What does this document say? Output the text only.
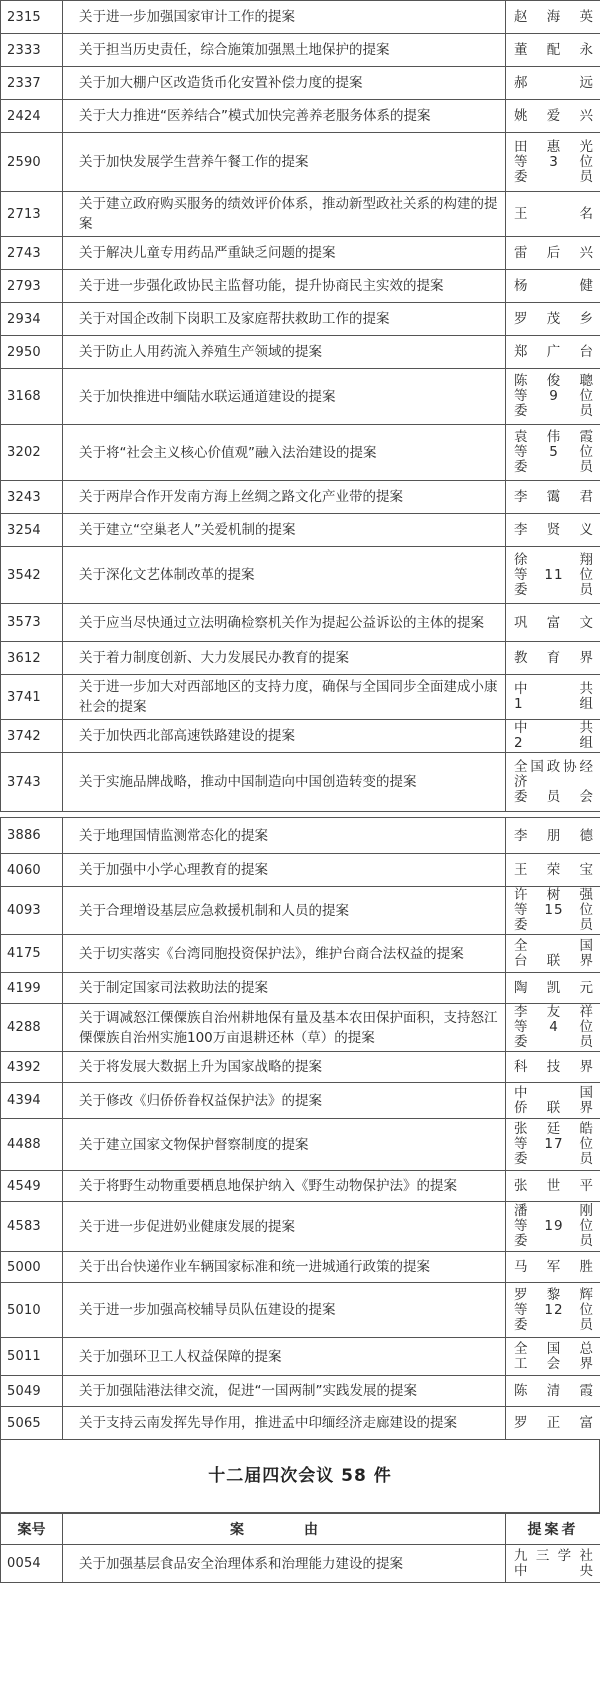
2315	关于进一步加强国家审计工作的提案	赵海英

2333	关于担当历史责任，综合施策加强黑土地保护的提案	董配永

2337	关于加大棚户区改造货币化安置补偿力度的提案	郝远

2424	关于大力推进“医养结合”模式加快完善养老服务体系的提案	姚爱兴

2590	关于加快发展学生营养午餐工作的提案	田惠光
等3位
委员

2713	关于建立政府购买服务的绩效评价体系，推动新型政社关系的构建的提案	王名

2743	关于解决儿童专用药品严重缺乏问题的提案	雷后兴

2793	关于进一步强化政协民主监督功能，提升协商民主实效的提案	杨健

2934	关于对国企改制下岗职工及家庭帮扶救助工作的提案	罗茂乡

2950	关于防止人用药流入养殖生产领域的提案	郑广台

3168	关于加快推进中缅陆水联运通道建设的提案	陈俊聰
等9位
委员

3202	关于将“社会主义核心价值观”融入法治建设的提案	袁伟霞
等5位
委员

3243	关于两岸合作开发南方海上丝绸之路文化产业带的提案	李霭君

3254	关于建立“空巢老人”关爱机制的提案	李贤义

3542	关于深化文艺体制改革的提案	徐翔
等11位
委员

3573	关于应当尽快通过立法明确检察机关作为提起公益诉讼的主体的提案	巩富文

3612	关于着力制度创新、大力发展民办教育的提案	教育界

3741	关于进一步加大对西部地区的支持力度，确保与全国同步全面建成小康社会的提案	中共
1组

3742	关于加快西北部高速铁路建设的提案	中共
2组

3743	关于实施品牌战略，推动中国制造向中国创造转变的提案	全国政协经济
委员会
3886	关于地理国情监测常态化的提案	李朋德

4060	关于加强中小学心理教育的提案	王荣宝

4093	关于合理增设基层应急救援机制和人员的提案	许树强
等15位
委员

4175	关于切实落实《台湾同胞投资保护法》，维护台商合法权益的提案	全国
台联界

4199	关于制定国家司法救助法的提案	陶凯元

4288	关于调减怒江傈僳族自治州耕地保有量及基本农田保护面积，支持怒江傈僳族自治州实施100万亩退耕还林（草）的提案	李友祥
等4位
委员

4392	关于将发展大数据上升为国家战略的提案	科技界

4394	关于修改《归侨侨眷权益保护法》的提案	中国
侨联界

4488	关于建立国家文物保护督察制度的提案	张廷皓
等17位
委员

4549	关于将野生动物重要栖息地保护纳入《野生动物保护法》的提案	张世平

4583	关于进一步促进奶业健康发展的提案	潘刚
等19位
委员

5000	关于出台快递作业车辆国家标准和统一进城通行政策的提案	马军胜

5010	关于进一步加强高校辅导员队伍建设的提案	罗黎辉
等12位
委员

5011	关于加强环卫工人权益保障的提案	全国总
工会界

5049	关于加强陆港法律交流，促进“一国两制”实践发展的提案	陈清霞

5065	关于支持云南发挥先导作用，推进孟中印缅经济走廊建设的提案	罗正富
十二届四次会议 58 件
案号	案由	提案者
0054	关于加强基层食品安全治理体系和治理能力建设的提案	九三学社
中央
